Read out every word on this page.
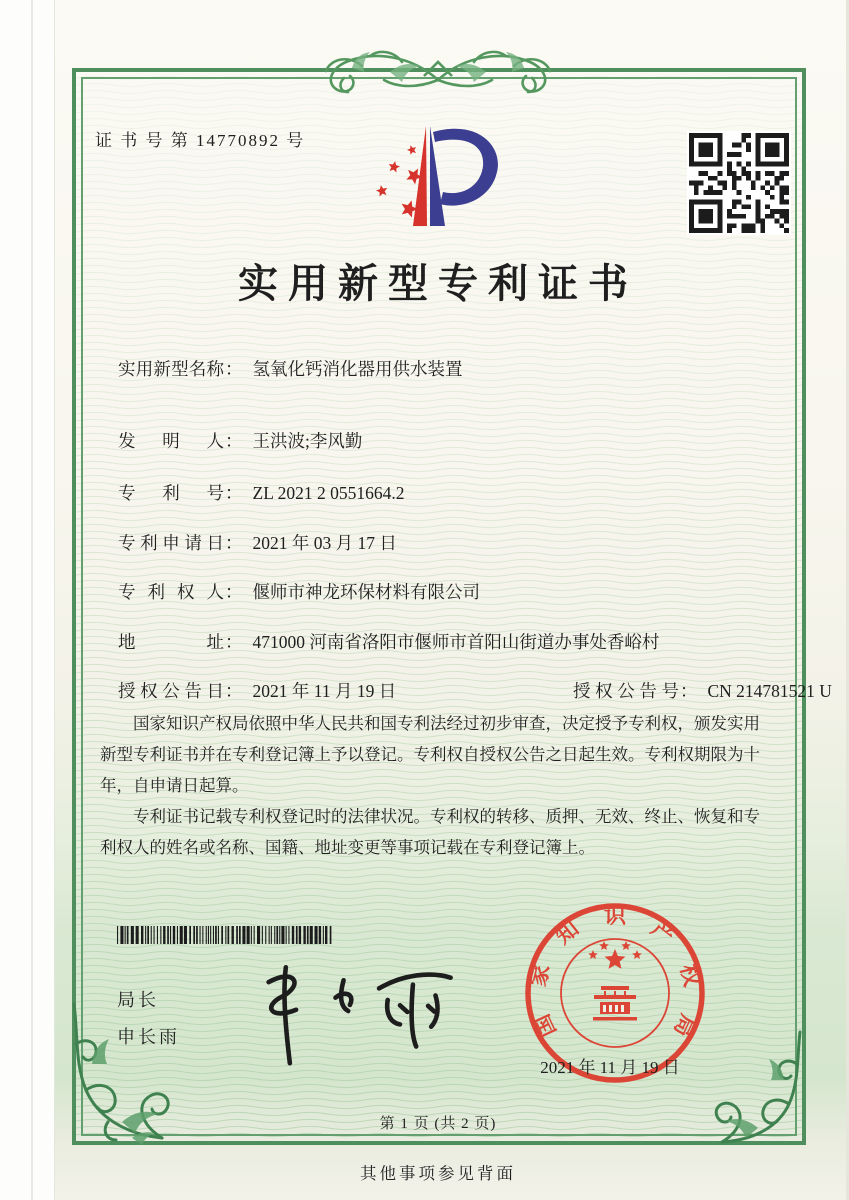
证 书 号 第 14770892 号
实用新型专利证书
实用新型名称： 氢氧化钙消化器用供水装置
发明人： 王洪波;李风勤
专利号： ZL 2021 2 0551664.2
专利申请日： 2021 年 03 月 17 日
专利权人： 偃师市神龙环保材料有限公司
地址： 471000 河南省洛阳市偃师市首阳山街道办事处香峪村
授权公告日： 2021 年 11 月 19 日	授权公告号： CN 214781521 U

国家知识产权局依照中华人民共和国专利法经过初步审查，决定授予专利权，颁发实用新型专利证书并在专利登记簿上予以登记。专利权自授权公告之日起生效。专利权期限为十年，自申请日起算。

专利证书记载专利权登记时的法律状况。专利权的转移、质押、无效、终止、恢复和专利权人的姓名或名称、国籍、地址变更等事项记载在专利登记簿上。

局长
申长雨	国
家
知
识
产
权
局
2021 年 11 月 19 日
第 1 页 (共 2 页)
其他事项参见背面
